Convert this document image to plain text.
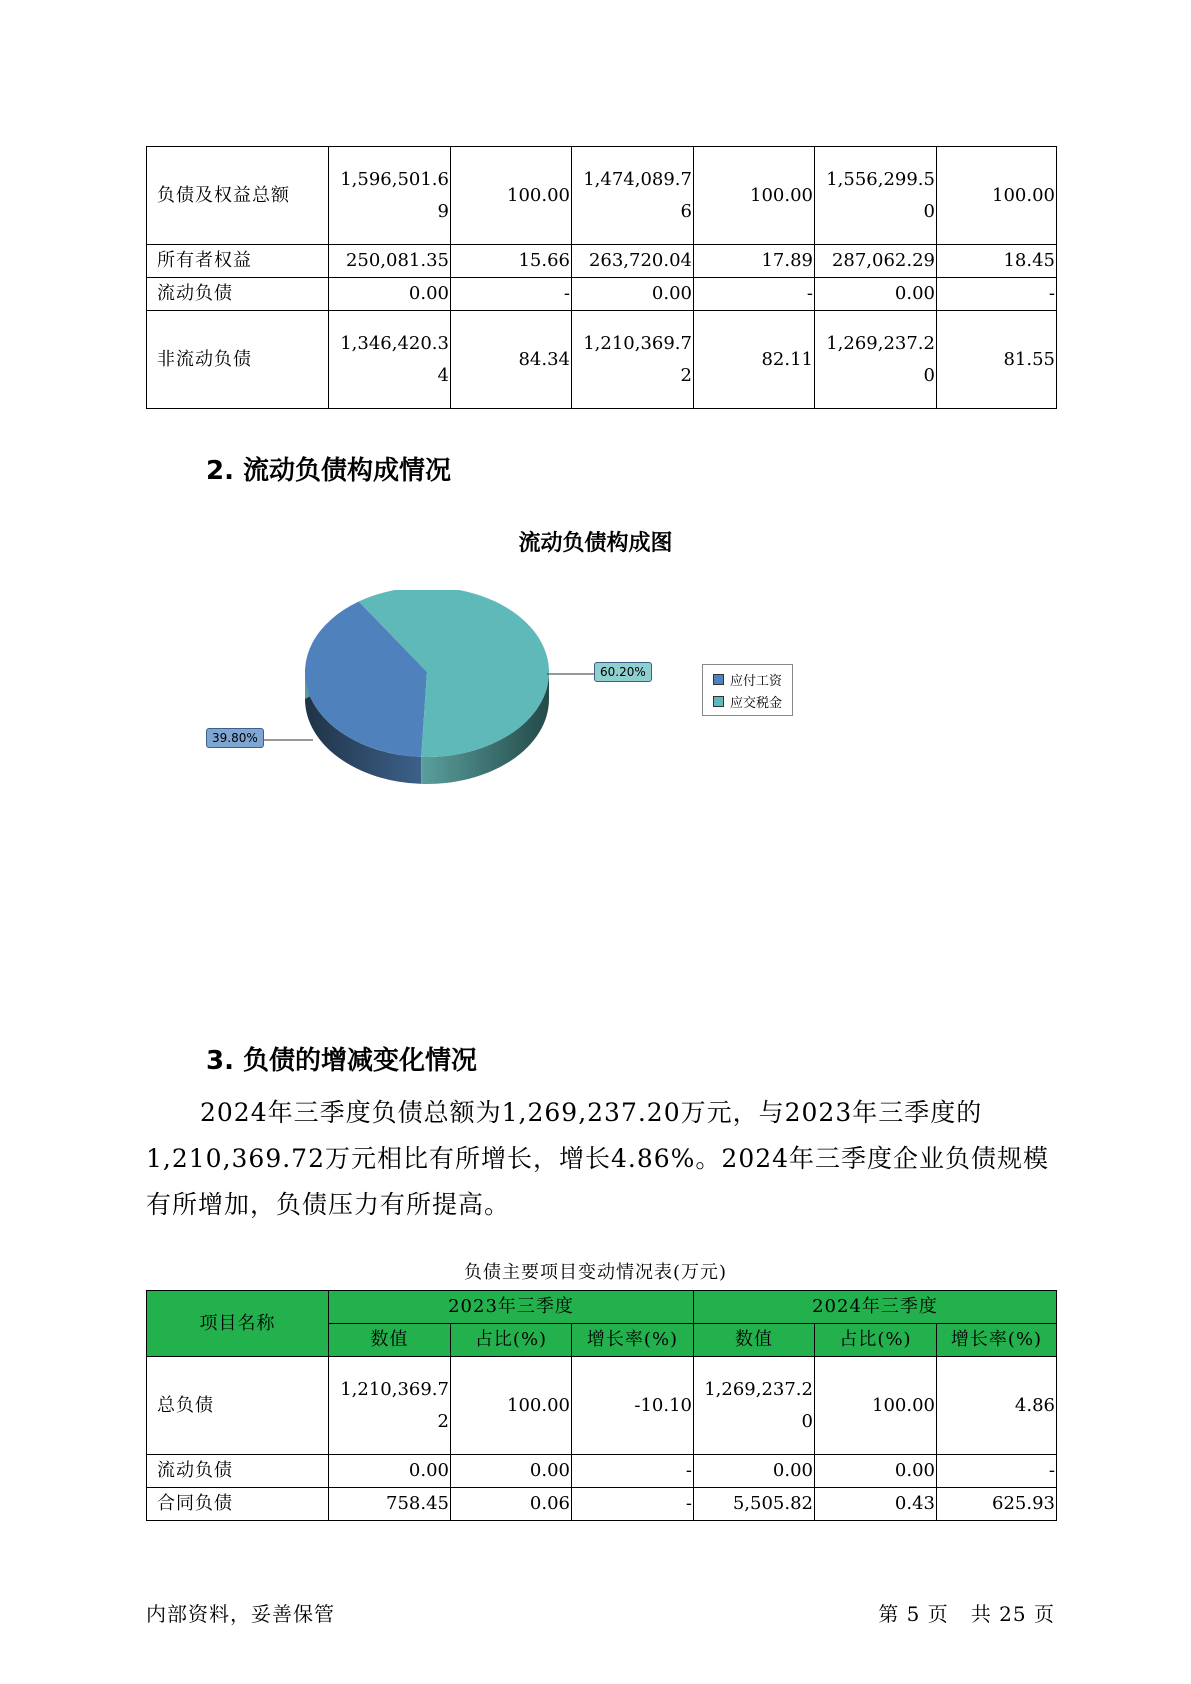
负债及权益总额	1,596,501.69	100.00	1,474,089.76	100.00	1,556,299.50	100.00
所有者权益	250,081.35	15.66	263,720.04	17.89	287,062.29	18.45
流动负债	0.00	-	0.00	-	0.00	-
非流动负债	1,346,420.34	84.34	1,210,369.72	82.11	1,269,237.20	81.55
2. 流动负债构成情况
流动负债构成图
60.20%
39.80%
应付工资
应交税金
3. 负债的增减变化情况
2024年三季度负债总额为1,269,237.20万元，与2023年三季度的
1,210,369.72万元相比有所增长，增长4.86%。2024年三季度企业负债规模
有所增加，负债压力有所提高。
负债主要项目变动情况表(万元)
项目名称	2023年三季度			2024年三季度		
	数值	占比(%)	增长率(%)	数值	占比(%)	增长率(%)
总负债	1,210,369.72	100.00	-10.10	1,269,237.20	100.00	4.86
流动负债	0.00	0.00	-	0.00	0.00	-
合同负债	758.45	0.06	-	5,505.82	0.43	625.93
内部资料，妥善保管	第 5 页   共 25 页
